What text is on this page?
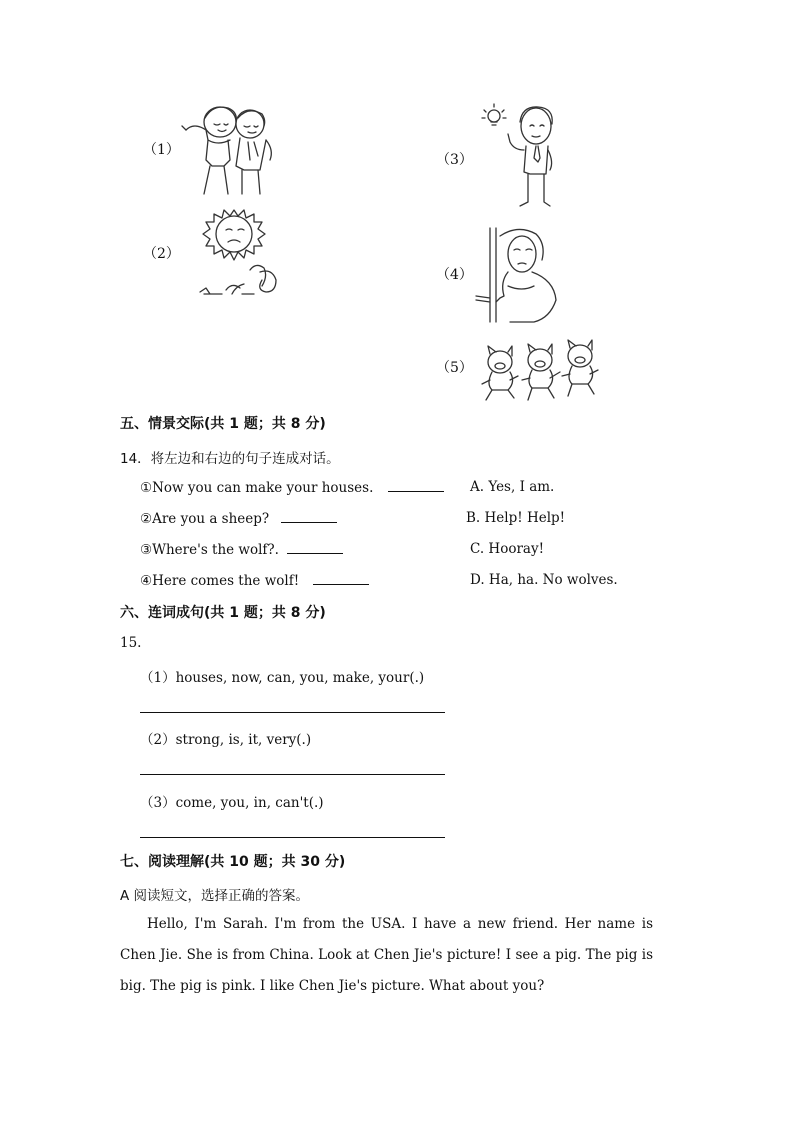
（1）
（2）
（3）
（4）
（5）
五、情景交际(共 1 题；共 8 分)
14．将左边和右边的句子连成对话。
①Now you can make your houses.	A. Yes, I am.
②Are you a sheep?	B. Help! Help!
③Where's the wolf?.	C. Hooray!
④Here comes the wolf!	D. Ha, ha. No wolves.
六、连词成句(共 1 题；共 8 分)
15.
（1）houses, now, can, you, make, your(.)
（2）strong, is, it, very(.)
（3）come, you, in, can't(.)
七、阅读理解(共 10 题；共 30 分)
A 阅读短文，选择正确的答案。
Hello, I'm Sarah. I'm from the USA. I have a new friend. Her name is Chen Jie. She is from China. Look at Chen Jie's picture! I see a pig. The pig is big. The pig is pink. I like Chen Jie's picture. What about you?
